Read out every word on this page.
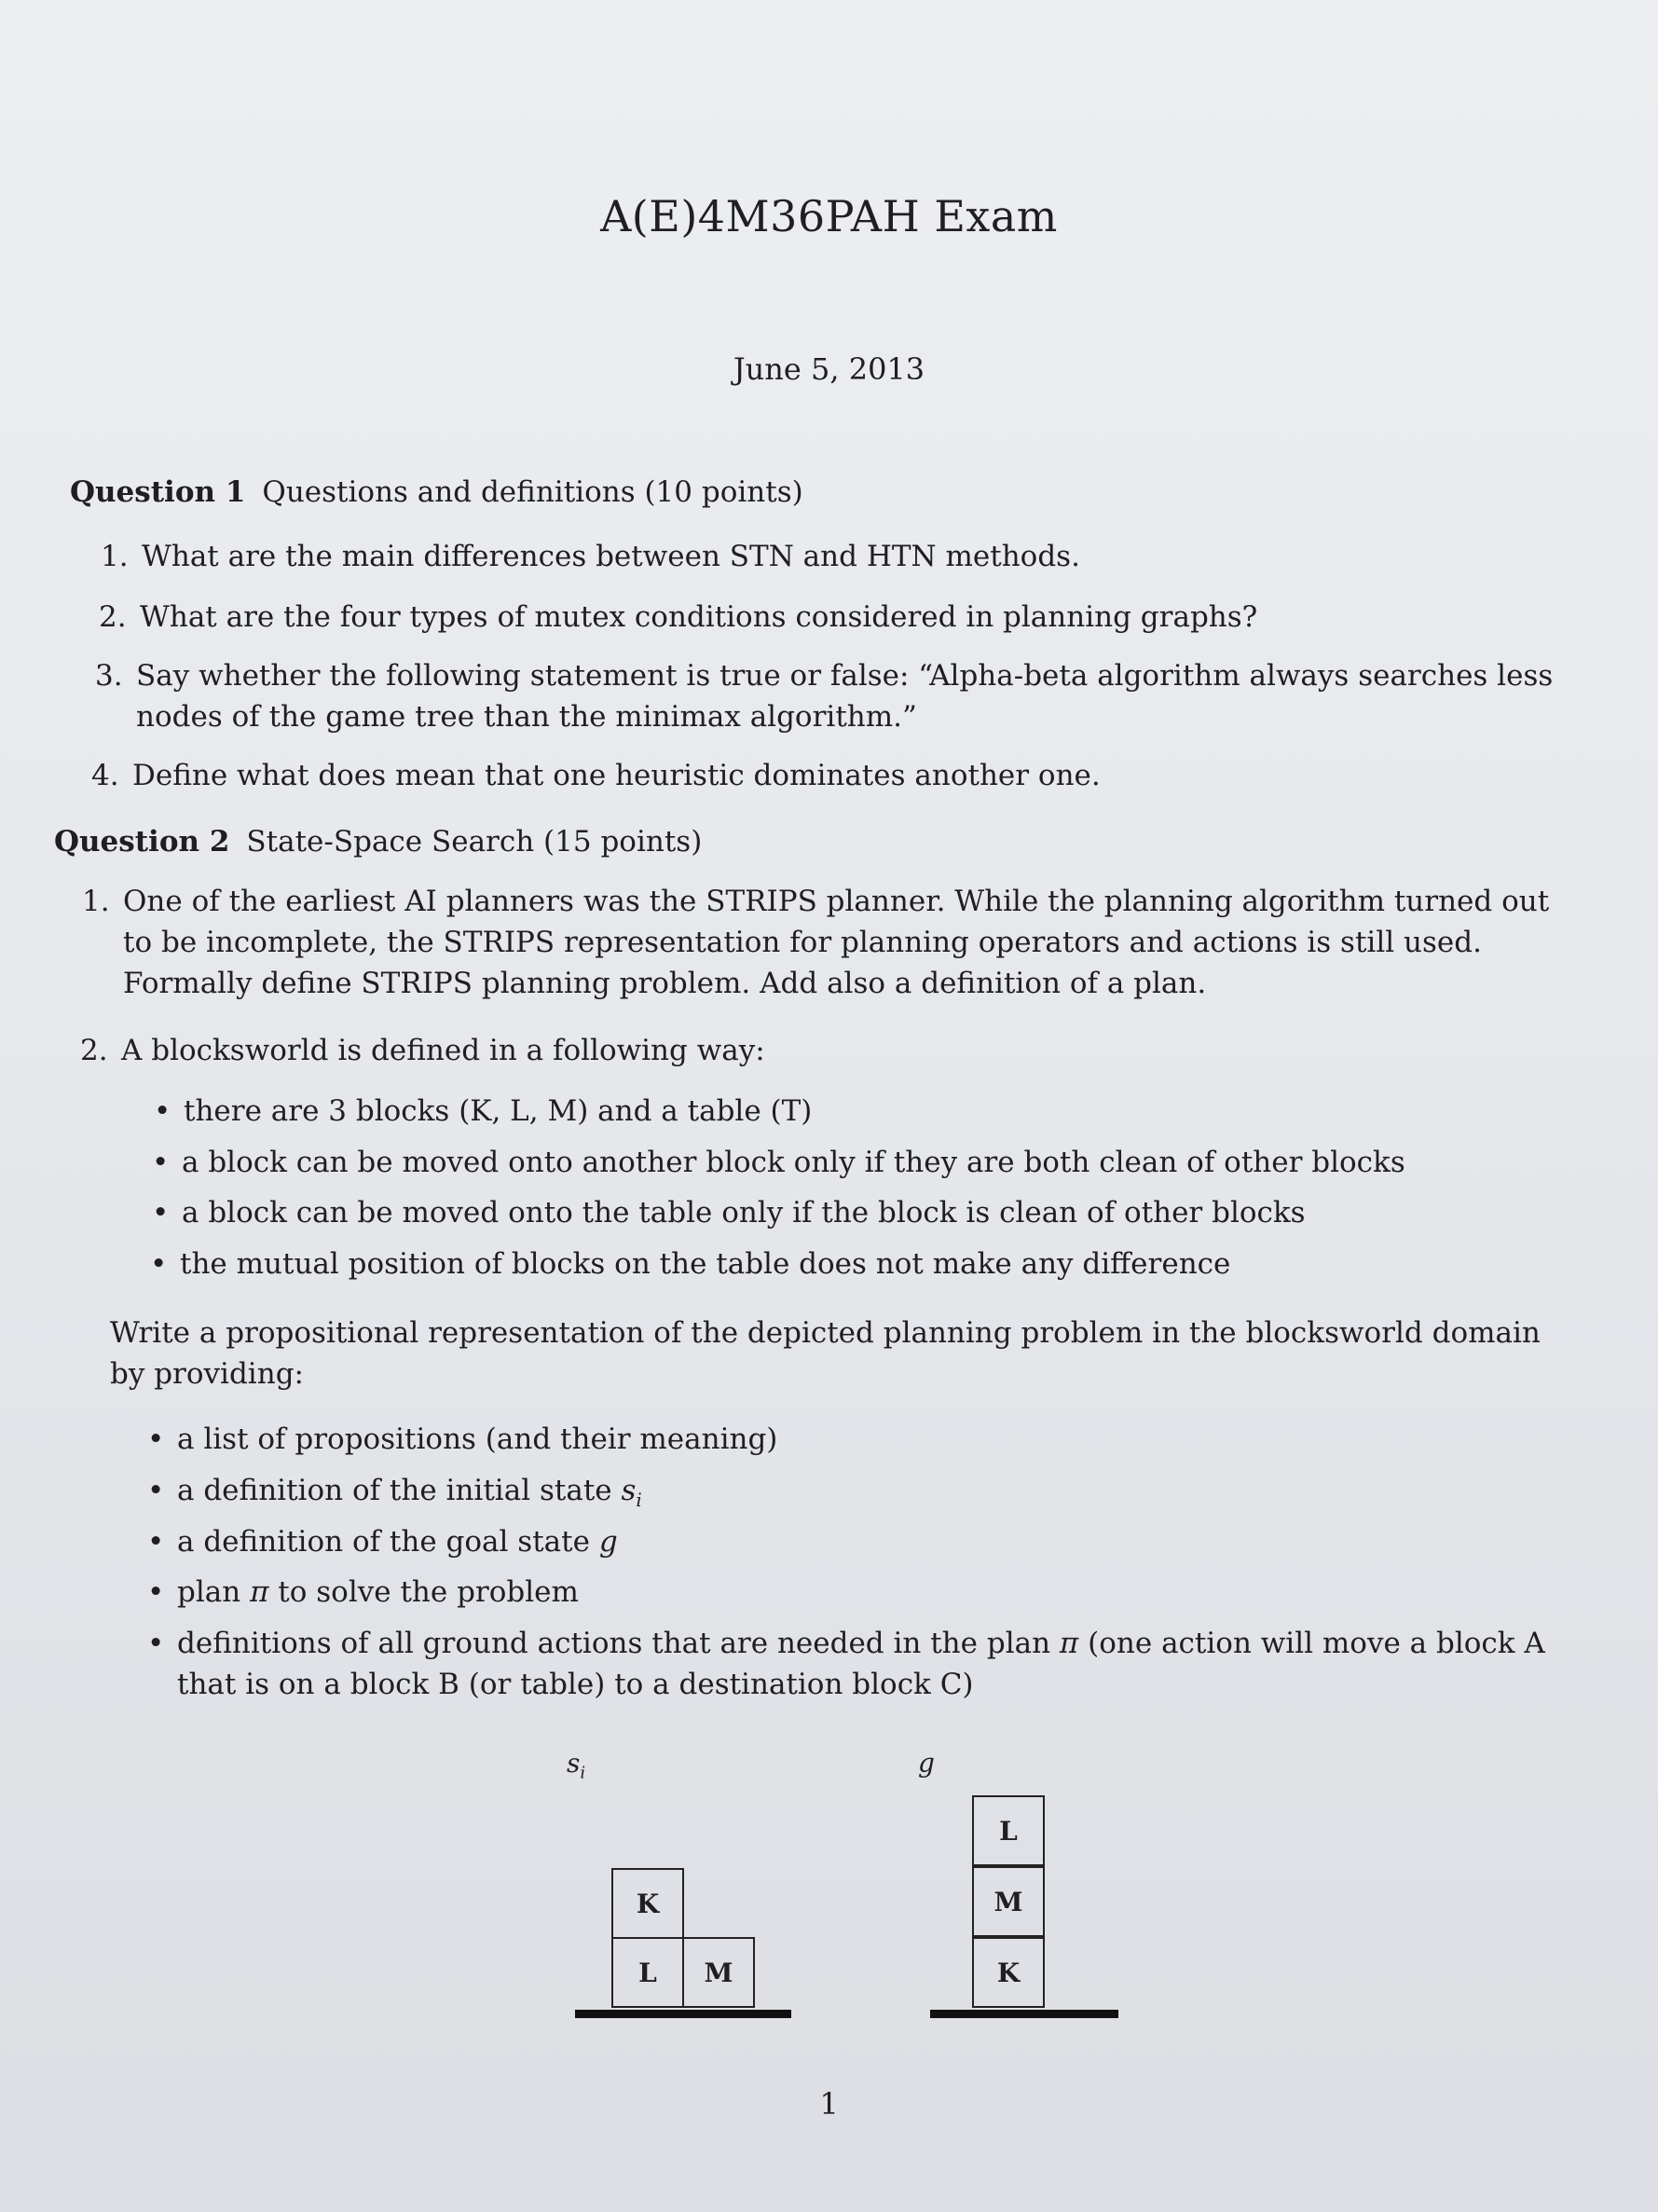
A(E)4M36PAH Exam
June 5, 2013
Question 1 Questions and definitions (10 points)
1. What are the main differences between STN and HTN methods.
2. What are the four types of mutex conditions considered in planning graphs?
3. Say whether the following statement is true or false: “Alpha-beta algorithm always searches less nodes of the game tree than the minimax algorithm.”
4. Define what does mean that one heuristic dominates another one.
Question 2 State-Space Search (15 points)
1. One of the earliest AI planners was the STRIPS planner. While the planning algorithm turned out to be incomplete, the STRIPS representation for planning operators and actions is still used. Formally define STRIPS planning problem. Add also a definition of a plan.
2. A blocksworld is defined in a following way:
• there are 3 blocks (K, L, M) and a table (T)
• a block can be moved onto another block only if they are both clean of other blocks
• a block can be moved onto the table only if the block is clean of other blocks
• the mutual position of blocks on the table does not make any difference
Write a propositional representation of the depicted planning problem in the blocksworld domain by providing:
• a list of propositions (and their meaning)
• a definition of the initial state $s_i$
• a definition of the goal state g
• plan π to solve the problem
• definitions of all ground actions that are needed in the plan π (one action will move a block A that is on a block B (or table) to a destination block C)
$s_i$
K
L	M
g
L
M
K
1
